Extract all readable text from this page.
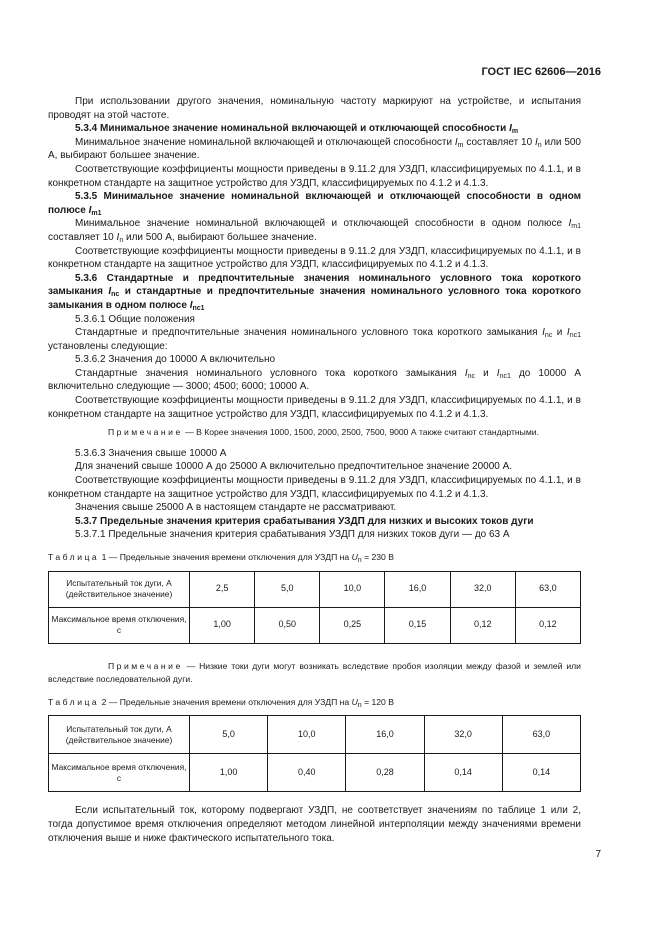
ГОСТ IEC 62606—2016

При использовании другого значения, номинальную частоту маркируют на устройстве, и испытания проводят на этой частоте.

5.3.4 Минимальное значение номинальной включающей и отключающей способности $I_m$

Минимальное значение номинальной включающей и отключающей способности $I_m$ составляет 10 $I_n$ или 500 А, выбирают большее значение.

Соответствующие коэффициенты мощности приведены в 9.11.2 для УЗДП, классифицируемых по 4.1.1, и в конкретном стандарте на защитное устройство для УЗДП, классифицируемых по 4.1.2 и 4.1.3.

5.3.5 Минимальное значение номинальной включающей и отключающей способности в одном полюсе $I_{m1}$

Минимальное значение номинальной включающей и отключающей способности в одном полюсе $I_{m1}$ составляет 10 $I_n$ или 500 А, выбирают большее значение.

Соответствующие коэффициенты мощности приведены в 9.11.2 для УЗДП, классифицируемых по 4.1.1, и в конкретном стандарте на защитное устройство для УЗДП, классифицируемых по 4.1.2 и 4.1.3.

5.3.6 Стандартные и предпочтительные значения номинального условного тока короткого замыкания $I_{nc}$ и стандартные и предпочтительные значения номинального условного тока короткого замыкания в одном полюсе $I_{nc1}$

5.3.6.1 Общие положения

Стандартные и предпочтительные значения номинального условного тока короткого замыкания $I_{nc}$ и $I_{nc1}$ установлены следующие:

5.3.6.2 Значения до 10000 А включительно

Стандартные значения номинального условного тока короткого замыкания $I_{nc}$ и $I_{nc1}$ до 10000 А включительно следующие — 3000; 4500; 6000; 10000 А.

Соответствующие коэффициенты мощности приведены в 9.11.2 для УЗДП, классифицируемых по 4.1.1, и в конкретном стандарте на защитное устройство для УЗДП, классифицируемых по 4.1.2 и 4.1.3.

Примечание — В Корее значения 1000, 1500, 2000, 2500, 7500, 9000 А также считают стандартными.

5.3.6.3 Значения свыше 10000 А

Для значений свыше 10000 А до 25000 А включительно предпочтительное значение 20000 А.

Соответствующие коэффициенты мощности приведены в 9.11.2 для УЗДП, классифицируемых по 4.1.1, и в конкретном стандарте на защитное устройство для УЗДП, классифицируемых по 4.1.2 и 4.1.3.

Значения свыше 25000 А в настоящем стандарте не рассматривают.

5.3.7 Предельные значения критерия срабатывания УЗДП для низких и высоких токов дуги

5.3.7.1 Предельные значения критерия срабатывания УЗДП для низких токов дуги — до 63 А

Таблица 1 — Предельные значения времени отключения для УЗДП на $U_n = 230$ В

Испытательный ток дуги, А (действительное значение)	2,5	5,0	10,0	16,0	32,0	63,0
Максимальное время отключения, с	1,00	0,50	0,25	0,15	0,12	0,12

Примечание — Низкие токи дуги могут возникать вследствие пробоя изоляции между фазой и землей или вследствие последовательной дуги.

Таблица 2 — Предельные значения времени отключения для УЗДП на $U_n = 120$ В

Испытательный ток дуги, А (действительное значение)	5,0	10,0	16,0	32,0	63,0
Максимальное время отключения, с	1,00	0,40	0,28	0,14	0,14

Если испытательный ток, которому подвергают УЗДП, не соответствует значениям по таблице 1 или 2, тогда допустимое время отключения определяют методом линейной интерполяции между значениями времени отключения выше и ниже фактического испытательного тока.

7
